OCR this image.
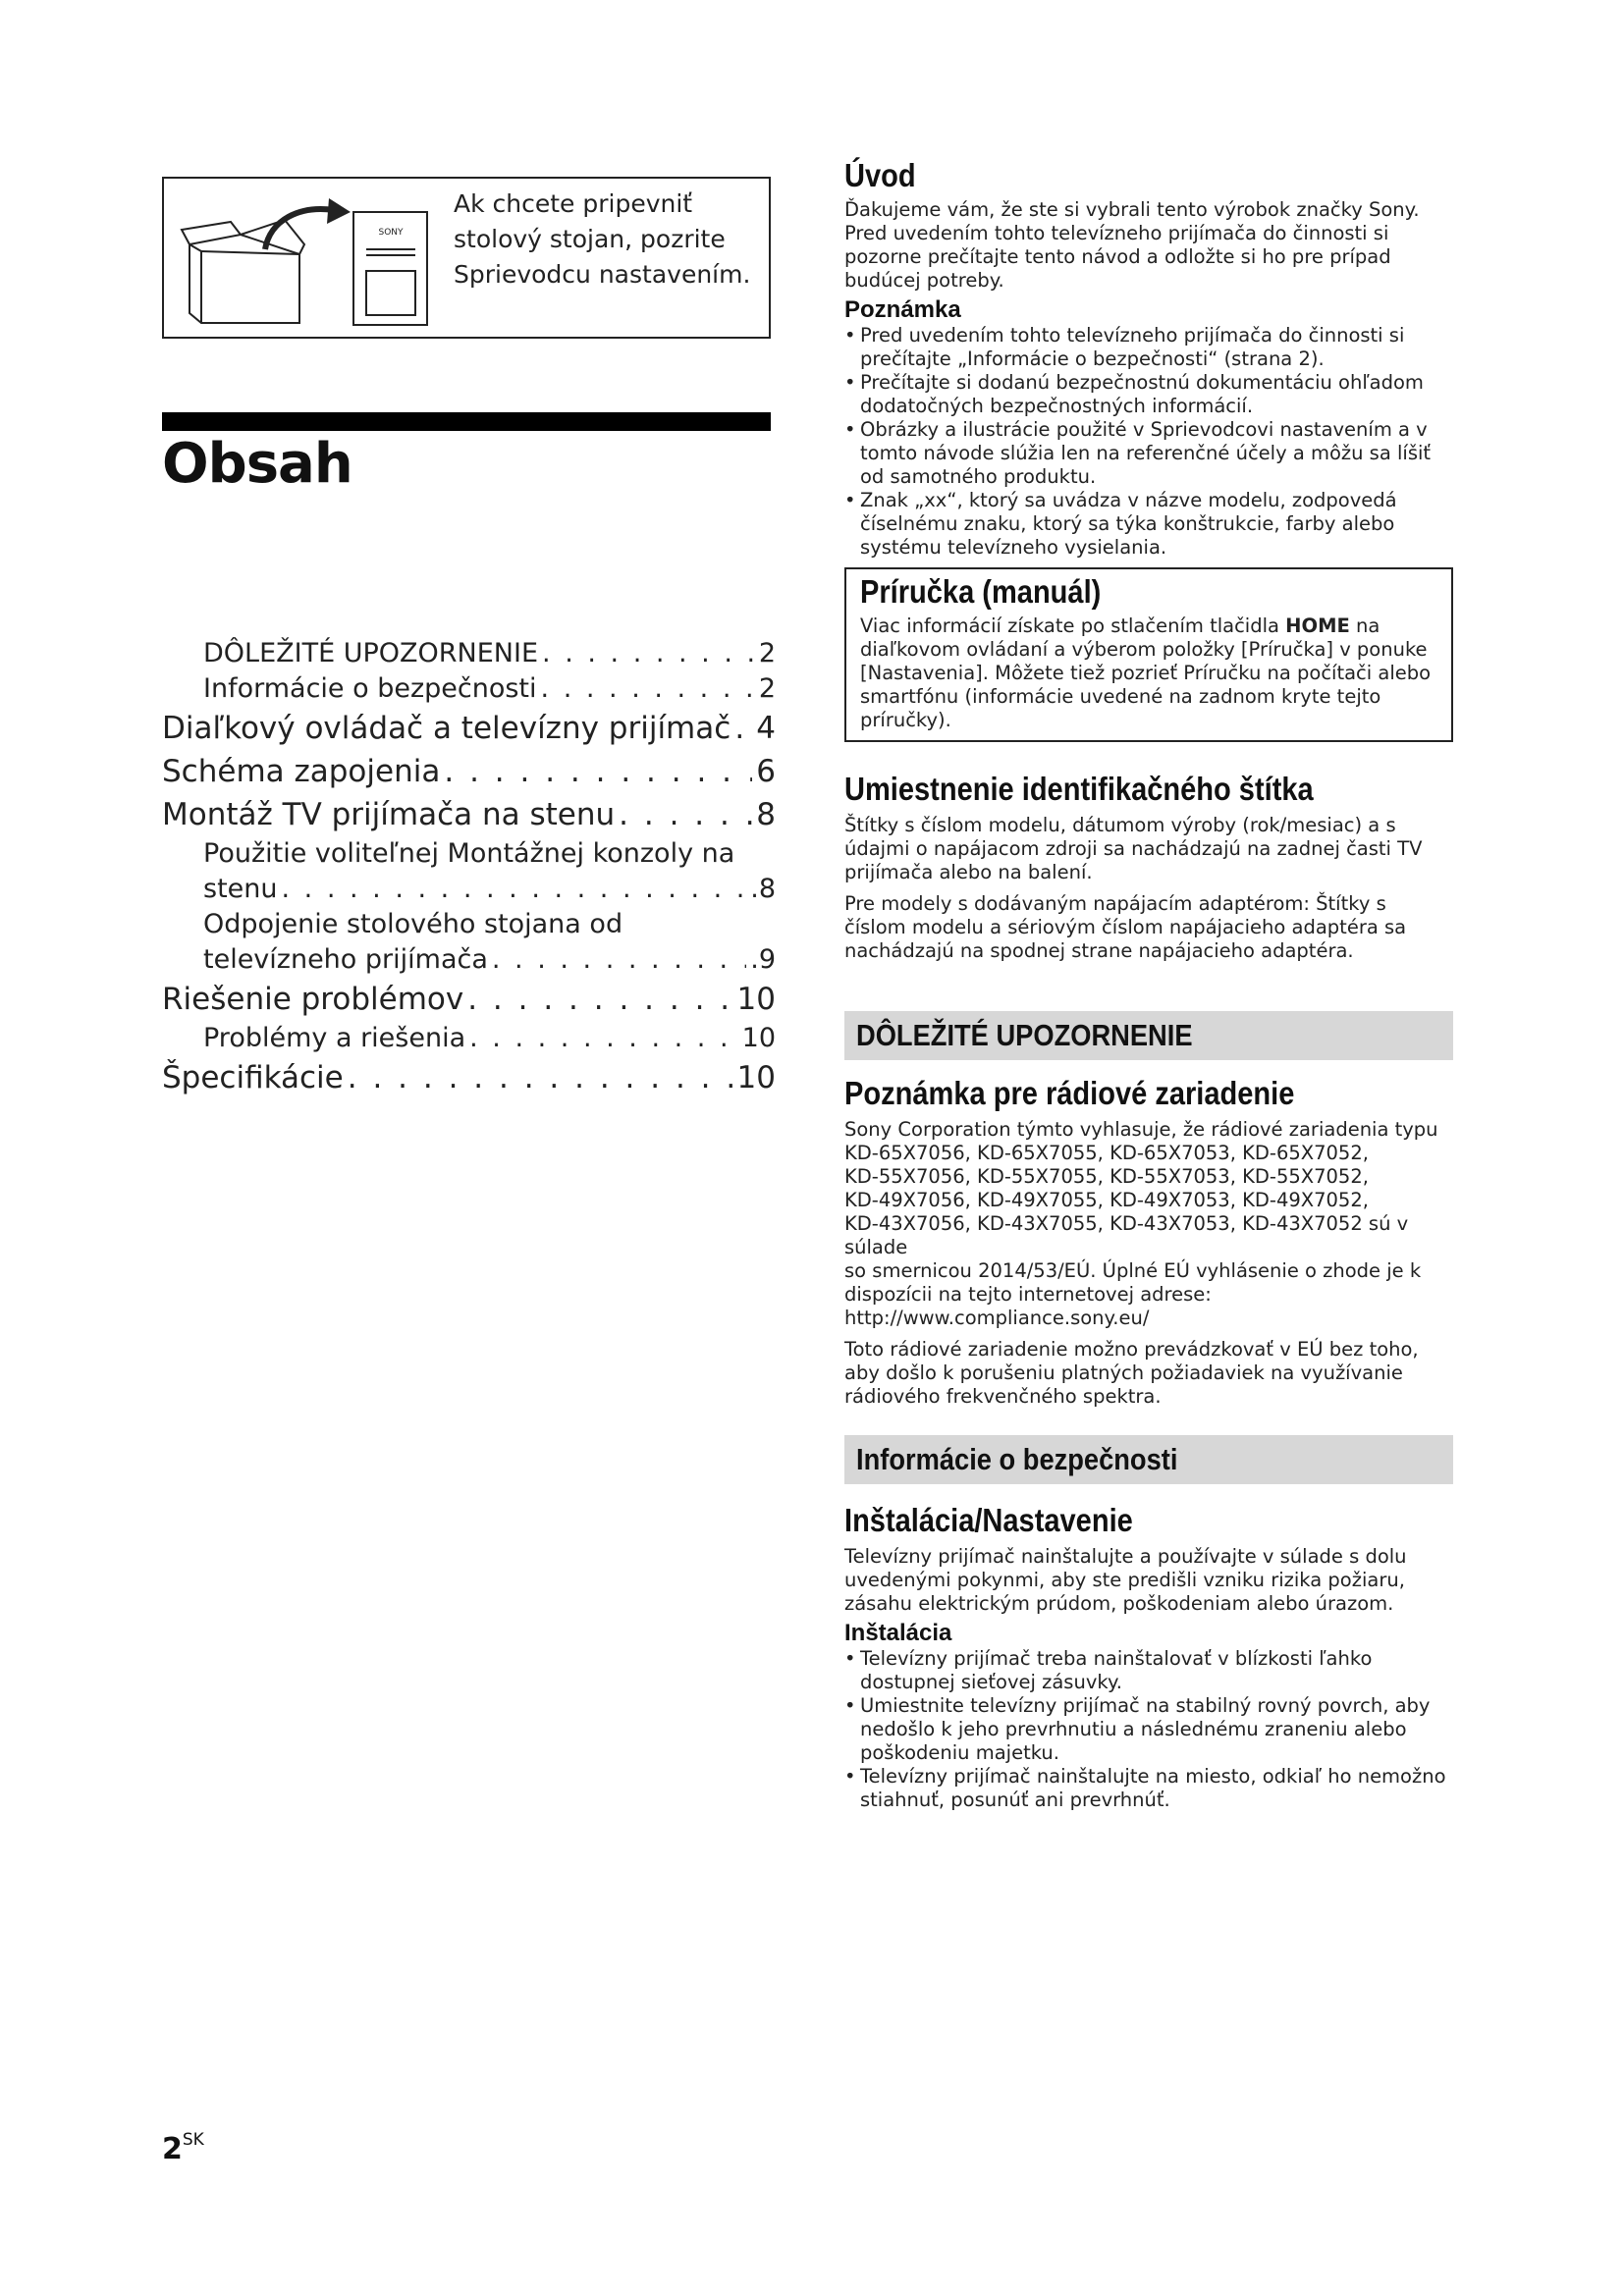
SONY
Ak chcete pripevniť
stolový stojan, pozrite
Sprievodcu nastavením.
Obsah
DÔLEŽITÉ UPOZORNENIE . . .	2
Informácie o bezpečnosti . . .	2
Diaľkový ovládač a televízny prijímač . . . 4
Schéma zapojenia . . .	6
Montáž TV prijímača na stenu . . .	8
Použitie voliteľnej Montážnej konzoly na
stenu . . .	.8
Odpojenie stolového stojana od
televízneho prijímača . . .	.9
Riešenie problémov . . .	10
Problémy a riešenia . . .	10
Špecifikácie . . .	10
Úvod

Ďakujeme vám, že ste si vybrali tento výrobok značky Sony. Pred uvedením tohto televízneho prijímača do činnosti si pozorne prečítajte tento návod a odložte si ho pre prípad budúcej potreby.

Poznámka
• Pred uvedením tohto televízneho prijímača do činnosti si prečítajte „Informácie o bezpečnosti“ (strana 2).
• Prečítajte si dodanú bezpečnostnú dokumentáciu ohľadom dodatočných bezpečnostných informácií.
• Obrázky a ilustrácie použité v Sprievodcovi nastavením a v tomto návode slúžia len na referenčné účely a môžu sa líšiť od samotného produktu.
• Znak „xx“, ktorý sa uvádza v názve modelu, zodpovedá číselnému znaku, ktorý sa týka konštrukcie, farby alebo systému televízneho vysielania.
Príručka (manuál)
Viac informácií získate po stlačením tlačidla HOME na diaľkovom ovládaní a výberom položky [Príručka] v ponuke [Nastavenia]. Môžete tiež pozrieť Príručku na počítači alebo smartfónu (informácie uvedené na zadnom kryte tejto príručky).
Umiestnenie identifikačného štítka

Štítky s číslom modelu, dátumom výroby (rok/mesiac) a s údajmi o napájacom zdroji sa nachádzajú na zadnej časti TV prijímača alebo na balení.

Pre modely s dodávaným napájacím adaptérom: Štítky s číslom modelu a sériovým číslom napájacieho adaptéra sa nachádzajú na spodnej strane napájacieho adaptéra.

DÔLEŽITÉ UPOZORNENIE
Poznámka pre rádiové zariadenie
Sony Corporation týmto vyhlasuje, že rádiové zariadenia typu
KD-65X7056, KD-65X7055, KD-65X7053, KD-65X7052,
KD-55X7056, KD-55X7055, KD-55X7053, KD-55X7052,
KD-49X7056, KD-49X7055, KD-49X7053, KD-49X7052,
KD-43X7056, KD-43X7055, KD-43X7053, KD-43X7052 sú v súlade
so smernicou 2014/53/EÚ. Úplné EÚ vyhlásenie o zhode je k
dispozícii na tejto internetovej adrese:
http://www.compliance.sony.eu/

Toto rádiové zariadenie možno prevádzkovať v EÚ bez toho, aby došlo k porušeniu platných požiadaviek na využívanie rádiového frekvenčného spektra.

Informácie o bezpečnosti
Inštalácia/Nastavenie

Televízny prijímač nainštalujte a používajte v súlade s dolu uvedenými pokynmi, aby ste predišli vzniku rizika požiaru, zásahu elektrickým prúdom, poškodeniam alebo úrazom.

Inštalácia
• Televízny prijímač treba nainštalovať v blízkosti ľahko dostupnej sieťovej zásuvky.
• Umiestnite televízny prijímač na stabilný rovný povrch, aby nedošlo k jeho prevrhnutiu a následnému zraneniu alebo poškodeniu majetku.
• Televízny prijímač nainštalujte na miesto, odkiaľ ho nemožno stiahnuť, posunúť ani prevrhnúť.
$2^{SK}$
